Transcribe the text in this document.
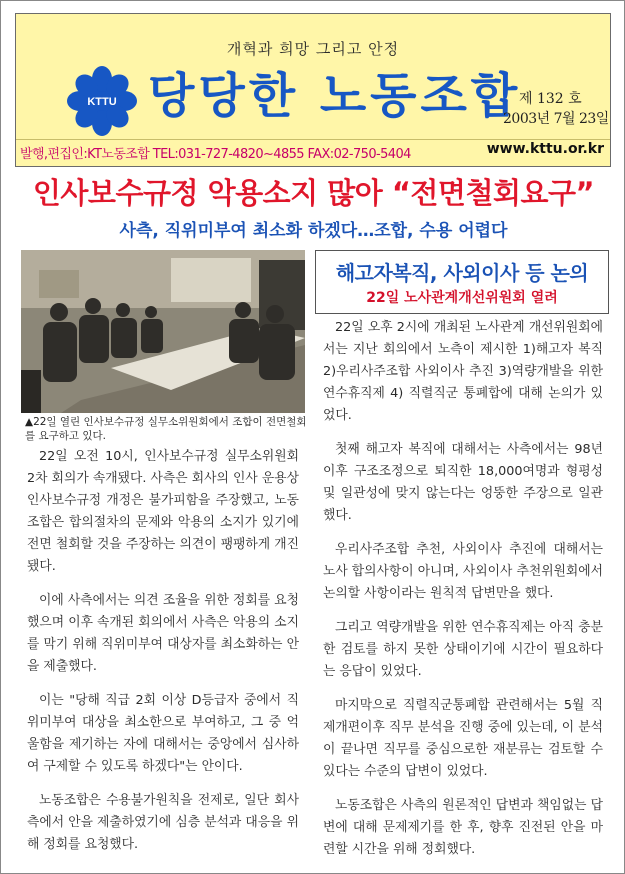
개혁과 희망 그리고 안정
KTTU 당당한 노동조합
제 132 호
2003년 7월 23일
발행,편집인:KT노동조합 TEL:031-727-4820~4855 FAX:02-750-5404	www.kttu.or.kr
인사보수규정 악용소지 많아 “전면철회요구”
사측, 직위미부여 최소화 하겠다…조합, 수용 어렵다
▲22일 열린 인사보수규정 실무소위원회에서 조합이 전면철회를 요구하고 있다.

22일 오전 10시, 인사보수규정 실무소위원회 2차 회의가 속개됐다. 사측은 회사의 인사 운용상 인사보수규정 개정은 불가피함을 주장했고, 노동조합은 합의절차의 문제와 악용의 소지가 있기에 전면 철회할 것을 주장하는 의견이 팽팽하게 개진됐다.

이에 사측에서는 의견 조율을 위한 정회를 요청했으며 이후 속개된 회의에서 사측은 악용의 소지를 막기 위해 직위미부여 대상자를 최소화하는 안을 제출했다.

이는 "당해 직급 2회 이상 D등급자 중에서 직위미부여 대상을 최소한으로 부여하고, 그 중 억울함을 제기하는 자에 대해서는 중앙에서 심사하여 구제할 수 있도록 하겠다"는 안이다.

노동조합은 수용불가원칙을 전제로, 일단 회사측에서 안을 제출하였기에 심층 분석과 대응을 위해 정회를 요청했다.

해고자복직, 사외이사 등 논의
22일 노사관계개선위원회 열려

22일 오후 2시에 개최된 노사관계 개선위원회에서는 지난 회의에서 노측이 제시한 1)해고자 복직 2)우리사주조합 사외이사 추진 3)역량개발을 위한 연수휴직제 4) 직렬직군 통폐합에 대해 논의가 있었다.

첫째 해고자 복직에 대해서는 사측에서는 98년 이후 구조조정으로 퇴직한 18,000여명과 형평성 및 일관성에 맞지 않는다는 엉뚱한 주장으로 일관했다.

우리사주조합 추천, 사외이사 추진에 대해서는 노사 합의사항이 아니며, 사외이사 추천위원회에서 논의할 사항이라는 원칙적 답변만을 했다.

그리고 역량개발을 위한 연수휴직제는 아직 충분한 검토를 하지 못한 상태이기에 시간이 필요하다는 응답이 있었다.

마지막으로 직렬직군통폐합 관련해서는 5월 직제개편이후 직무 분석을 진행 중에 있는데, 이 분석이 끝나면 직무를 중심으로한 재분류는 검토할 수 있다는 수준의 답변이 있었다.

노동조합은 사측의 원론적인 답변과 책임없는 답변에 대해 문제제기를 한 후, 향후 진전된 안을 마련할 시간을 위해 정회했다.
